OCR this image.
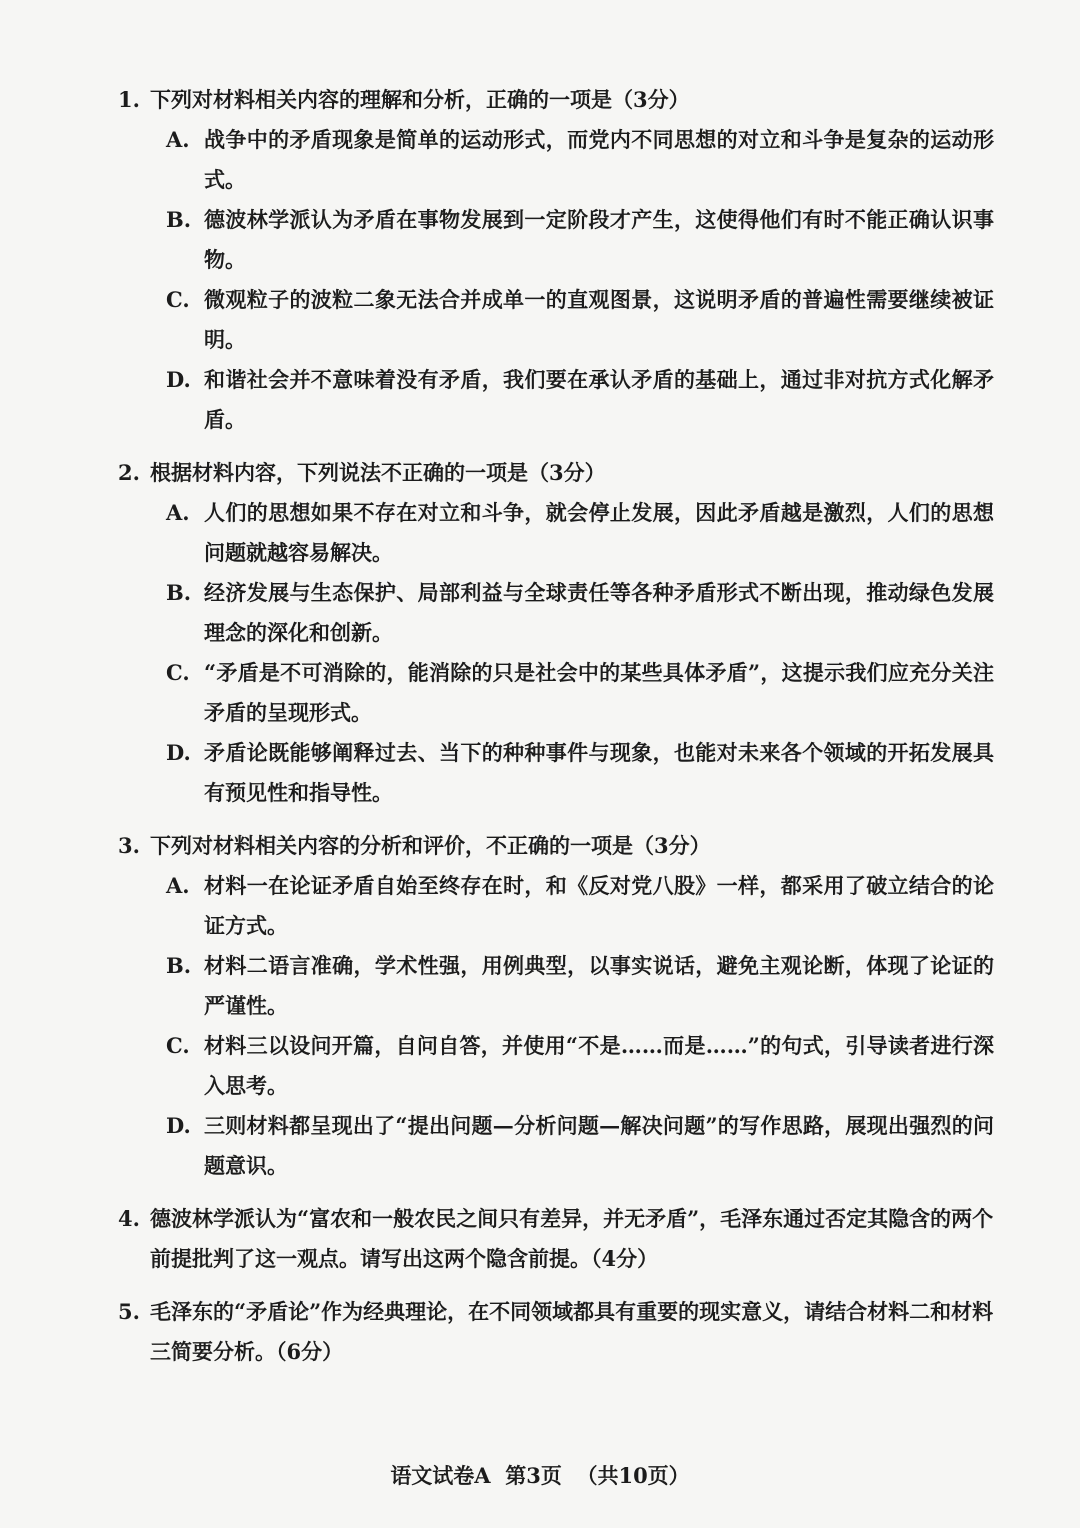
1. 下列对材料相关内容的理解和分析，正确的一项是（3分）
A. 战争中的矛盾现象是简单的运动形式，而党内不同思想的对立和斗争是复杂的运动形式。
B. 德波林学派认为矛盾在事物发展到一定阶段才产生，这使得他们有时不能正确认识事物。
C. 微观粒子的波粒二象无法合并成单一的直观图景，这说明矛盾的普遍性需要继续被证明。
D. 和谐社会并不意味着没有矛盾，我们要在承认矛盾的基础上，通过非对抗方式化解矛盾。
2. 根据材料内容，下列说法不正确的一项是（3分）
A. 人们的思想如果不存在对立和斗争，就会停止发展，因此矛盾越是激烈，人们的思想问题就越容易解决。
B. 经济发展与生态保护、局部利益与全球责任等各种矛盾形式不断出现，推动绿色发展理念的深化和创新。
C. “矛盾是不可消除的，能消除的只是社会中的某些具体矛盾”，这提示我们应充分关注矛盾的呈现形式。
D. 矛盾论既能够阐释过去、当下的种种事件与现象，也能对未来各个领域的开拓发展具有预见性和指导性。
3. 下列对材料相关内容的分析和评价，不正确的一项是（3分）
A. 材料一在论证矛盾自始至终存在时，和《反对党八股》一样，都采用了破立结合的论证方式。
B. 材料二语言准确，学术性强，用例典型，以事实说话，避免主观论断，体现了论证的严谨性。
C. 材料三以设问开篇，自问自答，并使用“不是……而是……”的句式，引导读者进行深入思考。
D. 三则材料都呈现出了“提出问题—分析问题—解决问题”的写作思路，展现出强烈的问题意识。
4. 德波林学派认为“富农和一般农民之间只有差异，并无矛盾”，毛泽东通过否定其隐含的两个前提批判了这一观点。请写出这两个隐含前提。（4分）
5. 毛泽东的“矛盾论”作为经典理论，在不同领域都具有重要的现实意义，请结合材料二和材料三简要分析。（6分）
语文试卷A  第3页  （共10页）
